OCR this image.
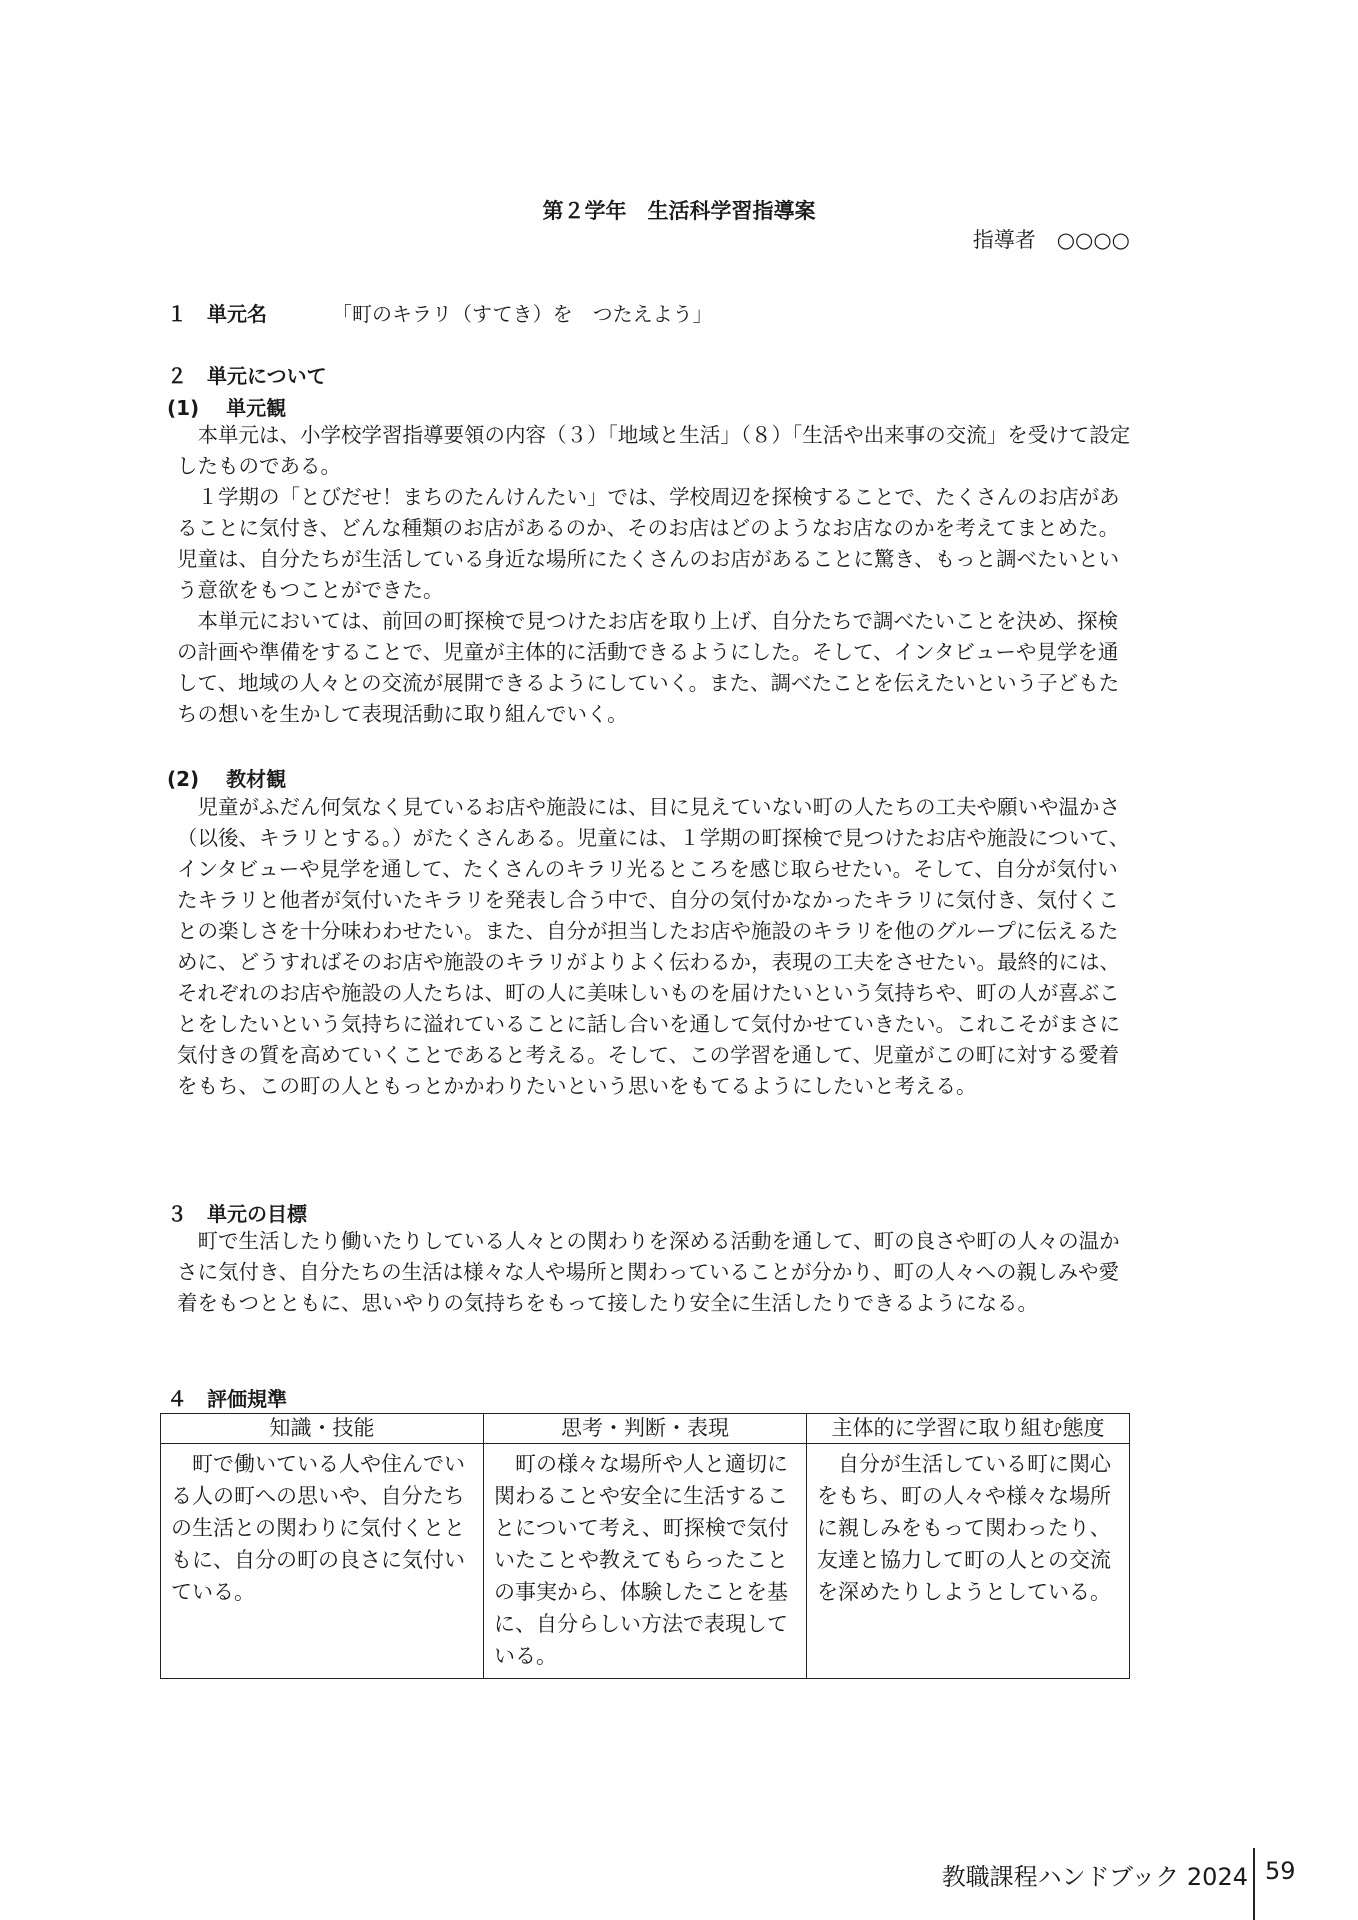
第２学年　生活科学習指導案
指導者　○○○○
１　単元名	「町のキラリ（すてき）を　つたえよう」
２　単元について
(1)　 単元観

本単元は、小学校学習指導要領の内容（３）「地域と生活」（８）「生活や出来事の交流」を受けて設定したものである。

１学期の「とびだせ！まちのたんけんたい」では、学校周辺を探検することで、たくさんのお店があることに気付き、どんな種類のお店があるのか、そのお店はどのようなお店なのかを考えてまとめた。児童は、自分たちが生活している身近な場所にたくさんのお店があることに驚き、もっと調べたいという意欲をもつことができた。

本単元においては、前回の町探検で見つけたお店を取り上げ、自分たちで調べたいことを決め、探検の計画や準備をすることで、児童が主体的に活動できるようにした。そして、インタビューや見学を通して、地域の人々との交流が展開できるようにしていく。また、調べたことを伝えたいという子どもたちの想いを生かして表現活動に取り組んでいく。

(2)　 教材観

児童がふだん何気なく見ているお店や施設には、目に見えていない町の人たちの工夫や願いや温かさ（以後、キラリとする。）がたくさんある。児童には、１学期の町探検で見つけたお店や施設について、インタビューや見学を通して、たくさんのキラリ光るところを感じ取らせたい。そして、自分が気付いたキラリと他者が気付いたキラリを発表し合う中で、自分の気付かなかったキラリに気付き、気付くことの楽しさを十分味わわせたい。また、自分が担当したお店や施設のキラリを他のグループに伝えるために、どうすればそのお店や施設のキラリがよりよく伝わるか，表現の工夫をさせたい。最終的には、それぞれのお店や施設の人たちは、町の人に美味しいものを届けたいという気持ちや、町の人が喜ぶことをしたいという気持ちに溢れていることに話し合いを通して気付かせていきたい。これこそがまさに気付きの質を高めていくことであると考える。そして、この学習を通して、児童がこの町に対する愛着をもち、この町の人ともっとかかわりたいという思いをもてるようにしたいと考える。

３　単元の目標

町で生活したり働いたりしている人々との関わりを深める活動を通して、町の良さや町の人々の温かさに気付き、自分たちの生活は様々な人や場所と関わっていることが分かり、町の人々への親しみや愛着をもつとともに、思いやりの気持ちをもって接したり安全に生活したりできるようになる。

４　評価規準
知識・技能	思考・判断・表現	主体的に学習に取り組む態度

町で働いている人や住んでいる人の町への思いや、自分たちの生活との関わりに気付くとともに、自分の町の良さに気付いている。	町の様々な場所や人と適切に関わることや安全に生活することについて考え、町探検で気付いたことや教えてもらったことの事実から、体験したことを基に、自分らしい方法で表現している。	自分が生活している町に関心をもち、町の人々や様々な場所に親しみをもって関わったり、友達と協力して町の人との交流を深めたりしようとしている。
教職課程ハンドブック 2024 59
